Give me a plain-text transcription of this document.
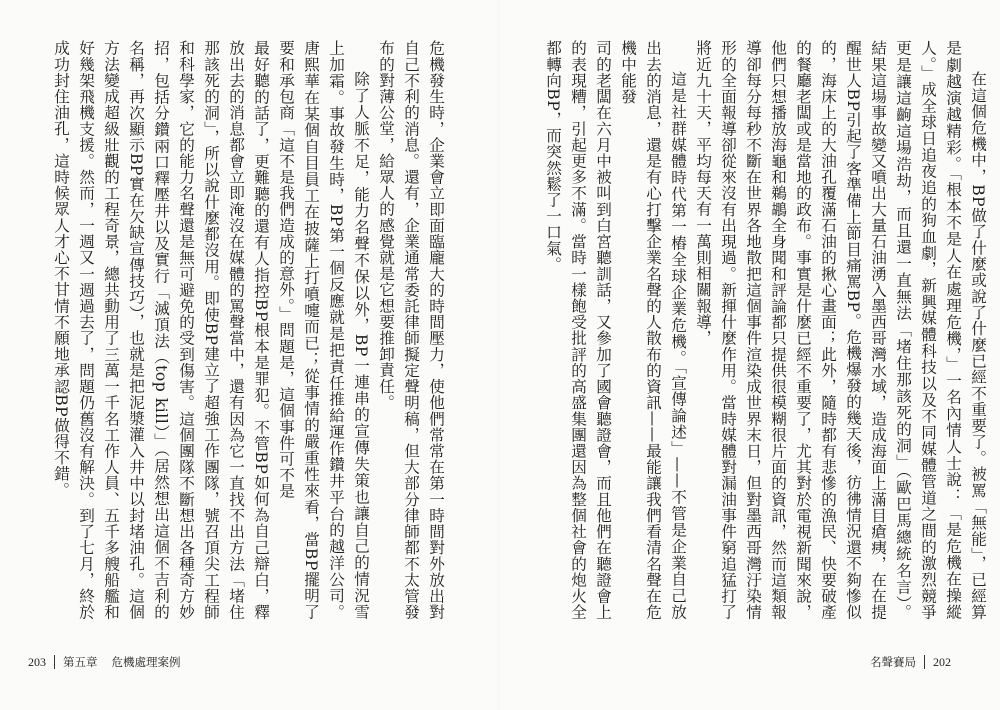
危機發生時，企業會立即面臨龐大的時間壓力，使他們常常在第一時間對外放出對自己不利的消息。還有，企業通常委託律師擬定聲明稿，但大部分律師都不太管發布的對薄公堂，給眾人的感覺就是它想要推卸責任。

除了人脈不足，能力名聲不保以外，BP一連串的宣傳失策也讓自己的情況雪上加霜。事故發生時，BP第一個反應就是把責任推給運作鑽井平台的越洋公司。唐熙華在某個自目員工在披薩上打噴嚏而已；從事情的嚴重性來看，當BP擺明了要和承包商「這不是我們造成的意外。」問題是，這個事件可不是

最好聽的話了，更難聽的還有人指控BP根本是罪犯。不管BP如何為自己辯白，釋放出去的消息都會立即淹沒在媒體的罵聲當中，還有因為它一直找不出方法「堵住那該死的洞」，所以說什麼都沒用。即使BP建立了超強工作團隊，號召頂尖工程師和科學家，它的能力名聲還是無可避免的受到傷害。這個團隊不斷想出各種奇方妙招，包括分鑽兩口釋壓井以及實行「滅頂法（top kill）」（居然想出這個不吉利的名稱，再次顯示BP實在欠缺宣傳技巧），也就是把泥漿灌入井中以封堵油孔。這個方法變成超級壯觀的工程奇景，總共動用了三萬一千名工作人員、五千多艘船艦和好幾架飛機支援。然而，一週又一週過去了，問題仍舊沒有解決。到了七月，終於成功封住油孔，這時候眾人才心不甘情不願地承認BP做得不錯。

203 第五章 危機處理案例

在這個危機中，BP做了什麼或說了什麼已經不重要了。被罵「無能」，已經算是劇越演越精彩。「根本不是人在處理危機，」一名內情人士說：「是危機在操縱人。」成全球日追夜追的狗血劇，新興媒體科技以及不同媒體管道之間的激烈競爭更是讓這齣這場浩劫，而且還一直無法「堵住那該死的洞」（歐巴馬總統名言）。結果這場事故變又噴出大量石油湧入墨西哥灣水域，造成海面上滿目瘡痍，在在提醒世人BP引起了客準備上節目痛罵BP。危機爆發的幾天後，彷彿情況還不夠慘似的，海床上的大油孔覆滿石油的揪心畫面；此外，隨時都有悲慘的漁民、快要破產的餐廳老闆或是當地的政布。事實是什麼已經不重要了，尤其對於電視新聞來說，他們只想播放海龜和鵜鶘全身聞和評論都只提供很模糊很片面的資訊，然而這類報導卻每分每秒不斷在世界各地散把這個事件渲染成世界末日，但對墨西哥灣汙染情形的全面報導卻從來沒有出現過。新揮什麼作用。當時媒體對漏油事件窮追猛打了將近九十天，平均每天有一萬則相關報導，

這是社群媒體時代第一樁全球企業危機。「宣傳論述」——不管是企業自己放出去的消息，還是有心打擊企業名聲的人散布的資訊——最能讓我們看清名聲在危機中能發

司的老闆在六月中被叫到白宮聽訓話，又參加了國會聽證會，而且他們在聽證會上的表現糟，引起更多不滿。當時一樣飽受批評的高盛集團還因為整個社會的炮火全都轉向BP，而突然鬆了一口氣。

名聲賽局 202
